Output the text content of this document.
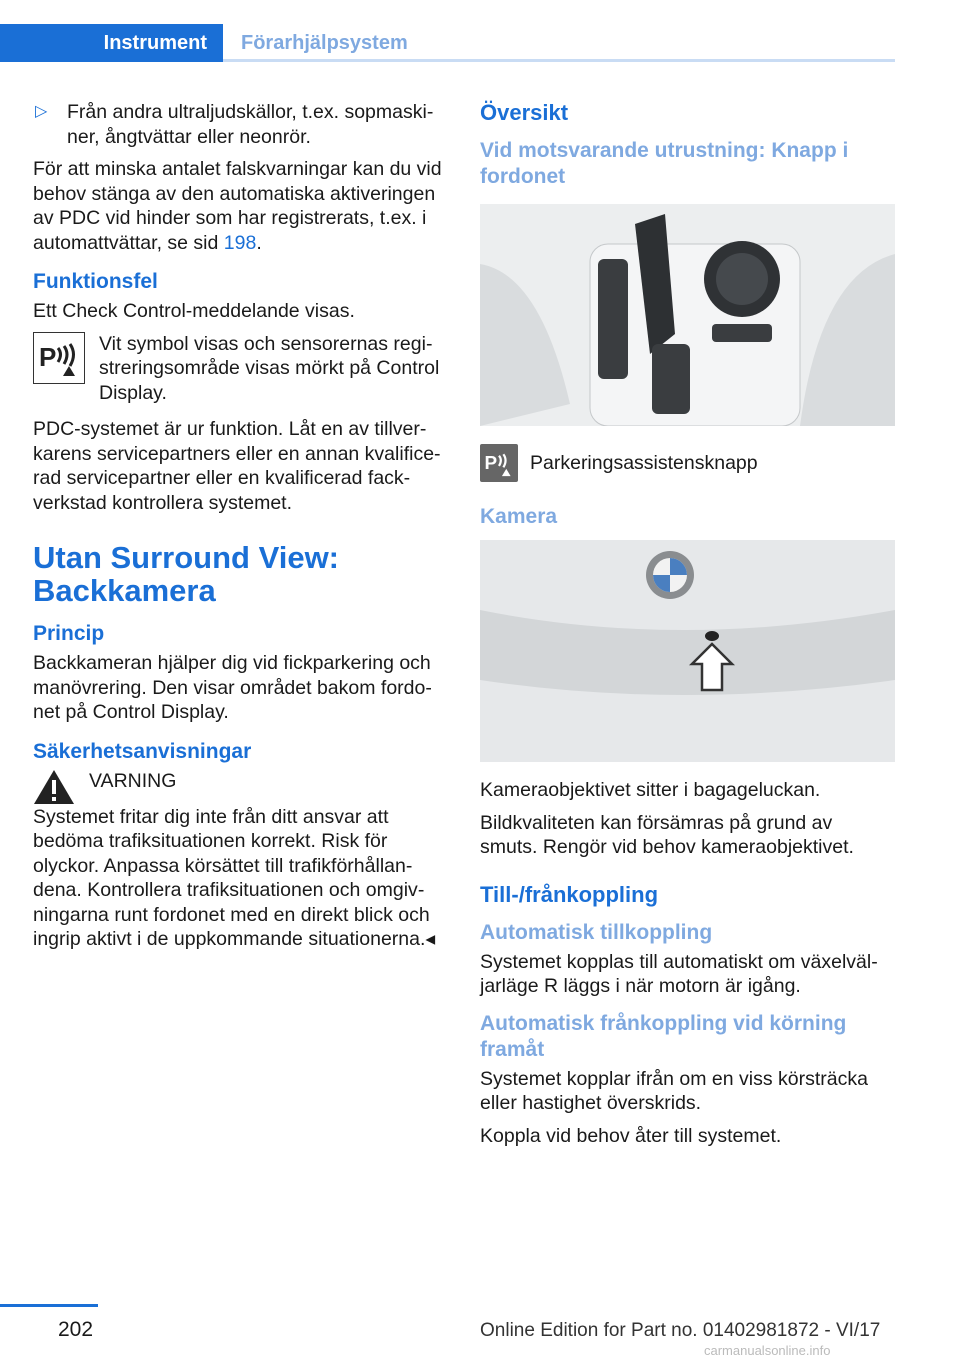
Instrument	Förarhjälpsystem
▷	Från andra ultraljudskällor, t.ex. sopmaskiner, ångtvättar eller neonrör.

För att minska antalet falskvarningar kan du vid behov stänga av den automatiska aktiveringen av PDC vid hinder som har registrerats, t.ex. i automattvättar, se sid 198.

Funktionsfel

Ett Check Control-meddelande visas.

P Vit symbol visas och sensorernas registreringsområde visas mörkt på Control Display.

PDC-systemet är ur funktion. Låt en av tillverkarens servicepartners eller en annan kvalificerad servicepartner eller en kvalificerad fackverkstad kontrollera systemet.

Utan Surround View: Backkamera
Princip

Backkameran hjälper dig vid fickparkering och manövrering. Den visar området bakom fordonet på Control Display.

Säkerhetsanvisningar
VARNING

Systemet fritar dig inte från ditt ansvar att bedöma trafiksituationen korrekt. Risk för olyckor. Anpassa körsättet till trafikförhållandena. Kontrollera trafiksituationen och omgivningarna runt fordonet med en direkt blick och ingrip aktivt i de uppkommande situationerna.◂

Översikt
Vid motsvarande utrustning: Knapp i fordonet
P Parkeringsassistensknapp
Kamera

Kameraobjektivet sitter i bagageluckan.

Bildkvaliteten kan försämras på grund av smuts. Rengör vid behov kameraobjektivet.

Till-/frånkoppling
Automatisk tillkoppling

Systemet kopplas till automatiskt om växelväljarläge R läggs i när motorn är igång.

Automatisk frånkoppling vid körning framåt

Systemet kopplar ifrån om en viss körsträcka eller hastighet överskrids.

Koppla vid behov åter till systemet.

202	Online Edition for Part no. 01402981872 - VI/17
carmanualsonline.info
